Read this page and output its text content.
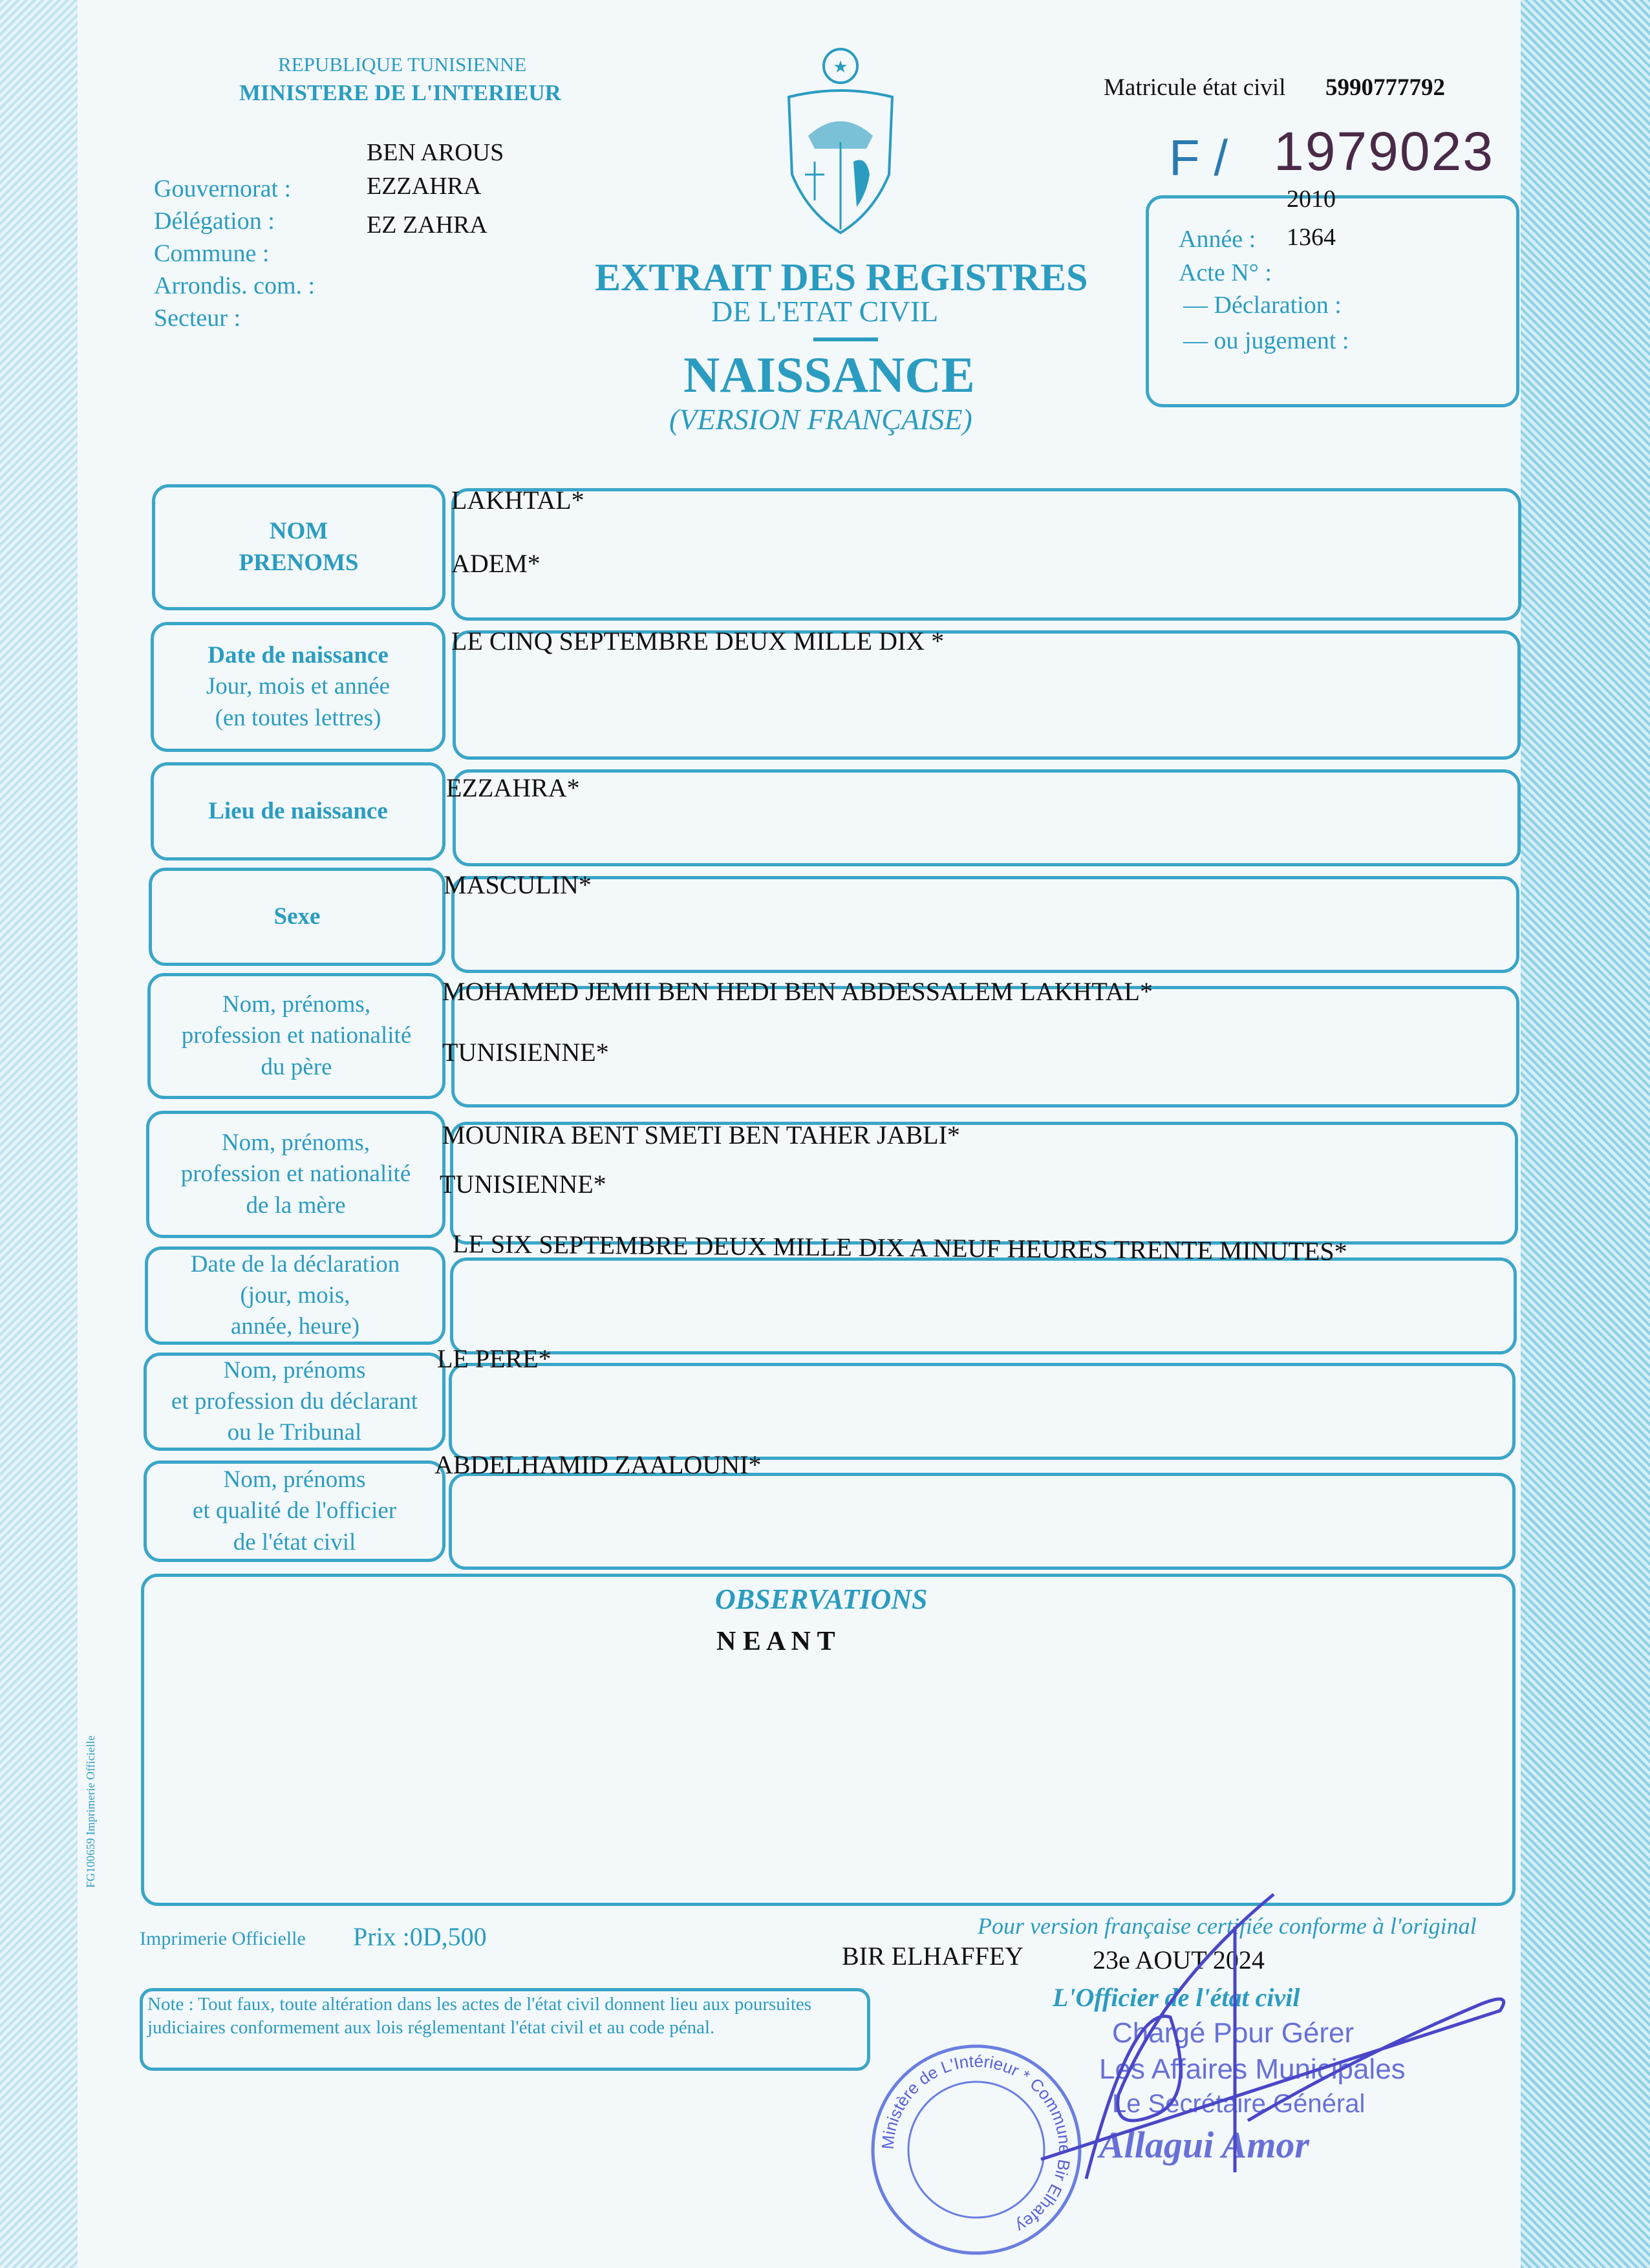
REPUBLIQUE TUNISIENNE
MINISTERE DE L'INTERIEUR
BEN AROUS
EZZAHRA
EZ ZAHRA
Gouvernorat :
Délégation :
Commune :
Arrondis. com. :
Secteur :
★
Matricule état civil 5990777792
F / 1979023
2010
Année : 1364
Acte N° :
— Déclaration :
— ou jugement :
EXTRAIT DES REGISTRES
DE L'ETAT CIVIL
NAISSANCE
(VERSION FRANÇAISE)
NOM
PRENOMS
LAKHTAL*
ADEM*
Date de naissance
Jour, mois et année
(en toutes lettres)
LE CINQ SEPTEMBRE DEUX MILLE DIX *
Lieu de naissance
EZZAHRA*
Sexe
MASCULIN*
Nom, prénoms,
profession et nationalité
du père
MOHAMED JEMII BEN HEDI BEN ABDESSALEM LAKHTAL*
TUNISIENNE*
Nom, prénoms,
profession et nationalité
de la mère
MOUNIRA BENT SMETI BEN TAHER JABLI*
TUNISIENNE*
Date de la déclaration
(jour, mois,
année, heure)
LE SIX SEPTEMBRE DEUX MILLE DIX A NEUF HEURES TRENTE MINUTES*
Nom, prénoms
et profession du déclarant
ou le Tribunal
LE PERE*
Nom, prénoms
et qualité de l'officier
de l'état civil
ABDELHAMID ZAALOUNI*
OBSERVATIONS
N E A N T
FG100659 Imprimerie Officielle
Imprimerie Officielle Prix :0D,500	Pour version française certifiée conforme à l'original
BIR ELHAFFEY	23e AOUT 2024
Note : Tout faux, toute altération dans les actes de l'état civil donnent lieu aux poursuites judiciaires conformement aux lois réglementant l'état civil et au code pénal.
L'Officier de l'état civil
Ministère de L'Intérieur * Commune Bir Elhafey
Chargé Pour Gérer
Les Affaires Municipales
Le Secrétaire Général
Allagui Amor
